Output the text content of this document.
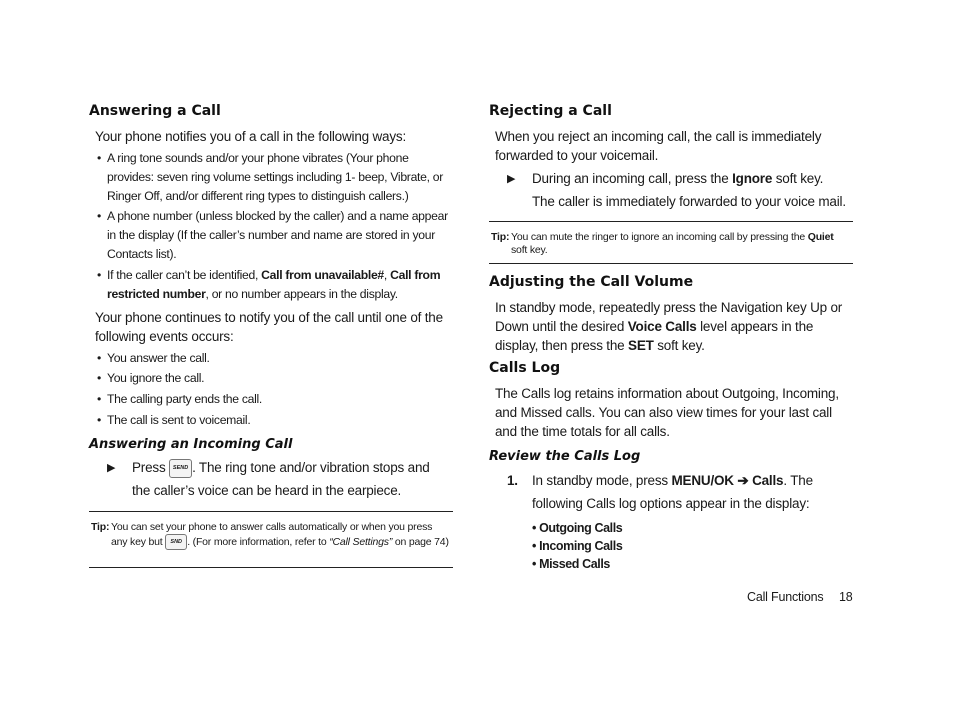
Answering a Call

Your phone notifies you of a call in the following ways:

• A ring tone sounds and/or your phone vibrates (Your phone provides: seven ring volume settings including 1- beep, Vibrate, or Ringer Off, and/or different ring types to distinguish callers.)
• A phone number (unless blocked by the caller) and a name appear in the display (If the caller’s number and name are stored in your Contacts list).
• If the caller can’t be identified, Call from unavailable#, Call from restricted number, or no number appears in the display.

Your phone continues to notify you of the call until one of the following events occurs:

• You answer the call.
• You ignore the call.
• The calling party ends the call.
• The call is sent to voicemail.
Answering an Incoming Call
▶	Press SEND . The ring tone and/or vibration stops and the caller’s voice can be heard in the earpiece.
Tip: You can set your phone to answer calls automatically or when you press any key but SND . (For more information, refer to “Call Settings” on page 74)
Rejecting a Call

When you reject an incoming call, the call is immediately forwarded to your voicemail.

▶	During an incoming call, press the Ignore soft key. The caller is immediately forwarded to your voice mail.
Tip: You can mute the ringer to ignore an incoming call by pressing the Quiet soft key.
Adjusting the Call Volume

In standby mode, repeatedly press the Navigation key Up or Down until the desired Voice Calls level appears in the display, then press the SET soft key.

Calls Log

The Calls log retains information about Outgoing, Incoming, and Missed calls. You can also view times for your last call and the time totals for all calls.

Review the Calls Log
1.	In standby mode, press MENU/OK ➔ Calls. The following Calls log options appear in the display:
• Outgoing Calls
• Incoming Calls
• Missed Calls
Call Functions 18
